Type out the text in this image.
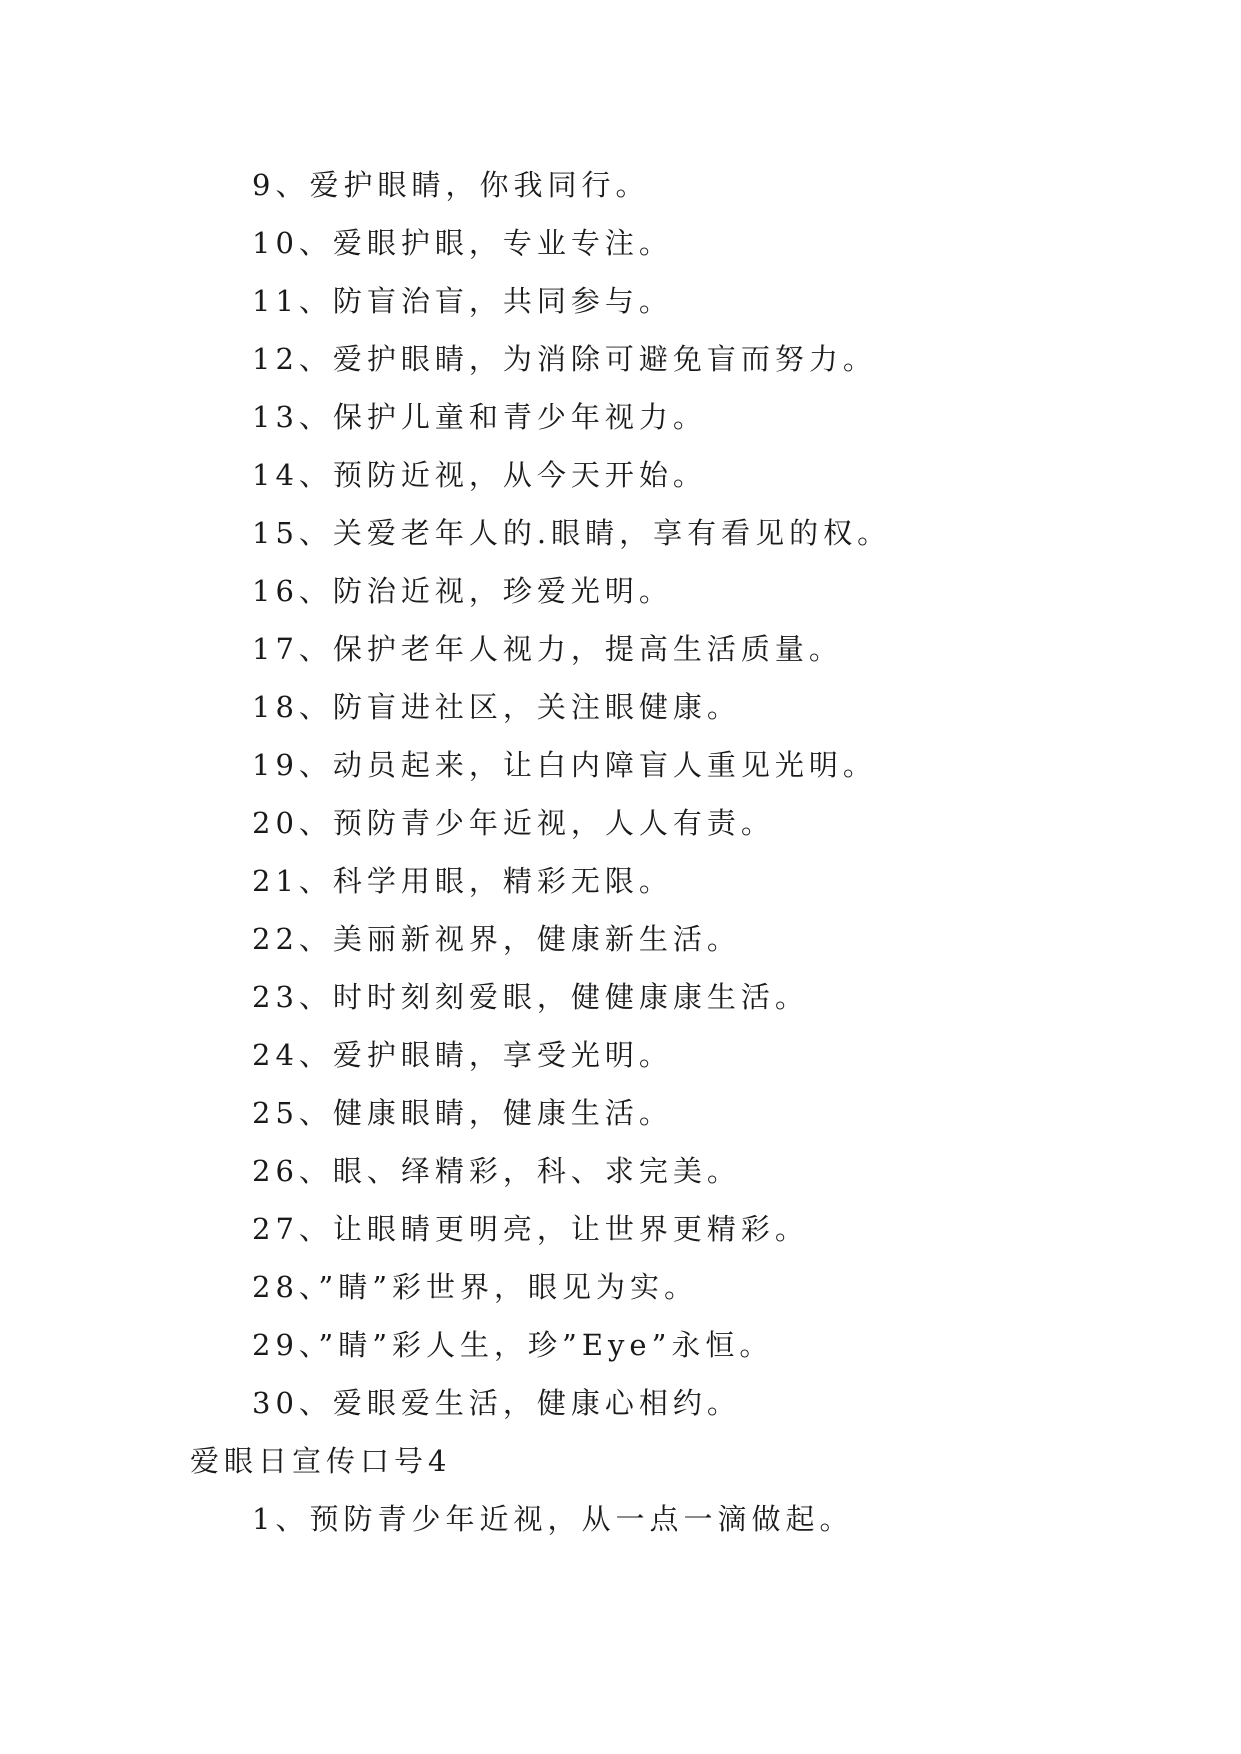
9、爱护眼睛，你我同行。
10、爱眼护眼，专业专注。
11、防盲治盲，共同参与。
12、爱护眼睛，为消除可避免盲而努力。
13、保护儿童和青少年视力。
14、预防近视，从今天开始。
15、关爱老年人的.眼睛，享有看见的权。
16、防治近视，珍爱光明。
17、保护老年人视力，提高生活质量。
18、防盲进社区，关注眼健康。
19、动员起来，让白内障盲人重见光明。
20、预防青少年近视，人人有责。
21、科学用眼，精彩无限。
22、美丽新视界，健康新生活。
23、时时刻刻爱眼，健健康康生活。
24、爱护眼睛，享受光明。
25、健康眼睛，健康生活。
26、眼、绎精彩，科、求完美。
27、让眼睛更明亮，让世界更精彩。
28、”睛”彩世界，眼见为实。
29、”睛”彩人生，珍”Eye”永恒。
30、爱眼爱生活，健康心相约。
爱眼日宣传口号4
1、预防青少年近视，从一点一滴做起。
